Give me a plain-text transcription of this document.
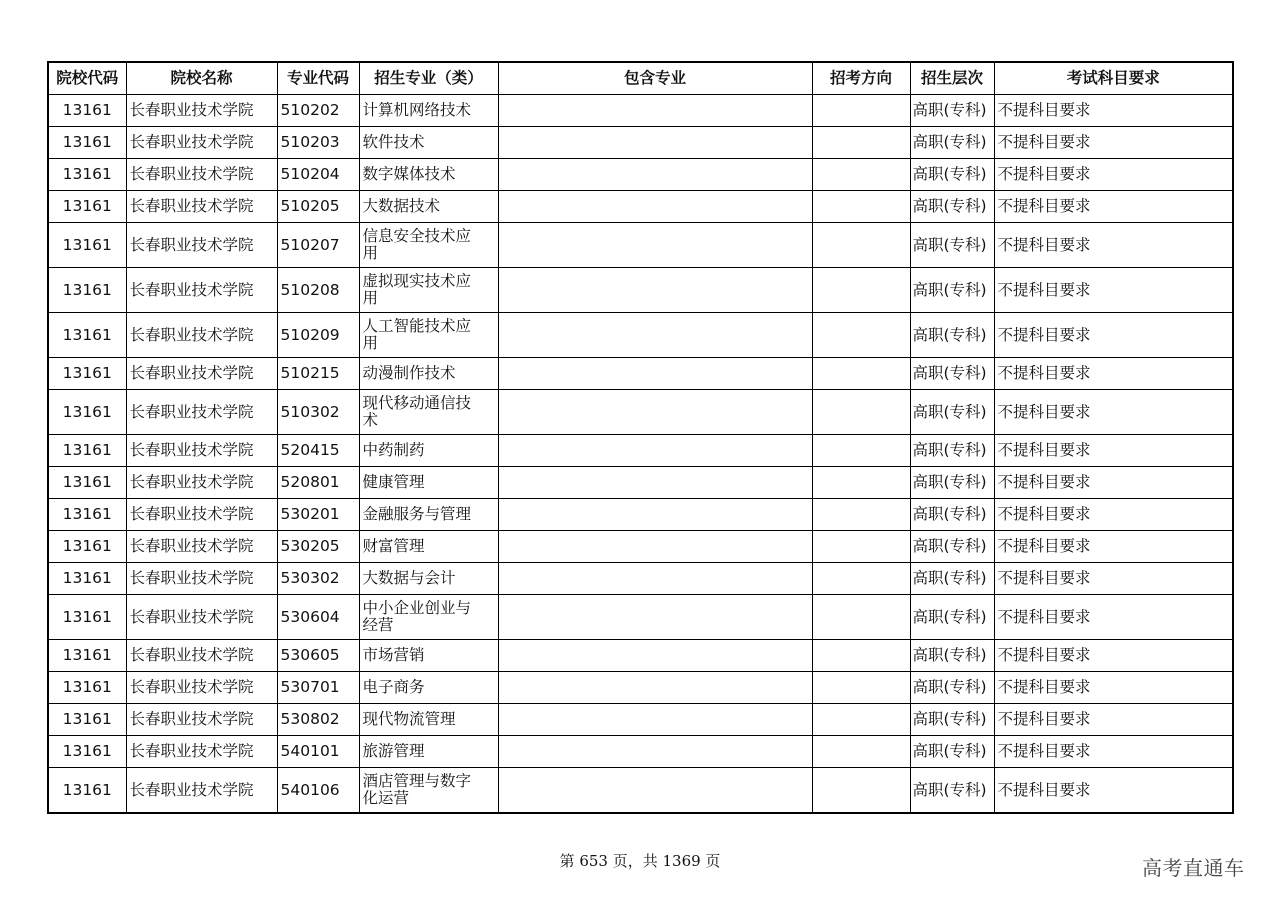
院校代码	院校名称	专业代码	招生专业（类）	包含专业	招考方向	招生层次	考试科目要求
13161	长春职业技术学院	510202	计算机网络技术			高职(专科)	不提科目要求
13161	长春职业技术学院	510203	软件技术			高职(专科)	不提科目要求
13161	长春职业技术学院	510204	数字媒体技术			高职(专科)	不提科目要求
13161	长春职业技术学院	510205	大数据技术			高职(专科)	不提科目要求
13161	长春职业技术学院	510207	信息安全技术应用			高职(专科)	不提科目要求
13161	长春职业技术学院	510208	虚拟现实技术应用			高职(专科)	不提科目要求
13161	长春职业技术学院	510209	人工智能技术应用			高职(专科)	不提科目要求
13161	长春职业技术学院	510215	动漫制作技术			高职(专科)	不提科目要求
13161	长春职业技术学院	510302	现代移动通信技术			高职(专科)	不提科目要求
13161	长春职业技术学院	520415	中药制药			高职(专科)	不提科目要求
13161	长春职业技术学院	520801	健康管理			高职(专科)	不提科目要求
13161	长春职业技术学院	530201	金融服务与管理			高职(专科)	不提科目要求
13161	长春职业技术学院	530205	财富管理			高职(专科)	不提科目要求
13161	长春职业技术学院	530302	大数据与会计			高职(专科)	不提科目要求
13161	长春职业技术学院	530604	中小企业创业与经营			高职(专科)	不提科目要求
13161	长春职业技术学院	530605	市场营销			高职(专科)	不提科目要求
13161	长春职业技术学院	530701	电子商务			高职(专科)	不提科目要求
13161	长春职业技术学院	530802	现代物流管理			高职(专科)	不提科目要求
13161	长春职业技术学院	540101	旅游管理			高职(专科)	不提科目要求
13161	长春职业技术学院	540106	酒店管理与数字化运营			高职(专科)	不提科目要求
第 653 页，共 1369 页	高考直通车
